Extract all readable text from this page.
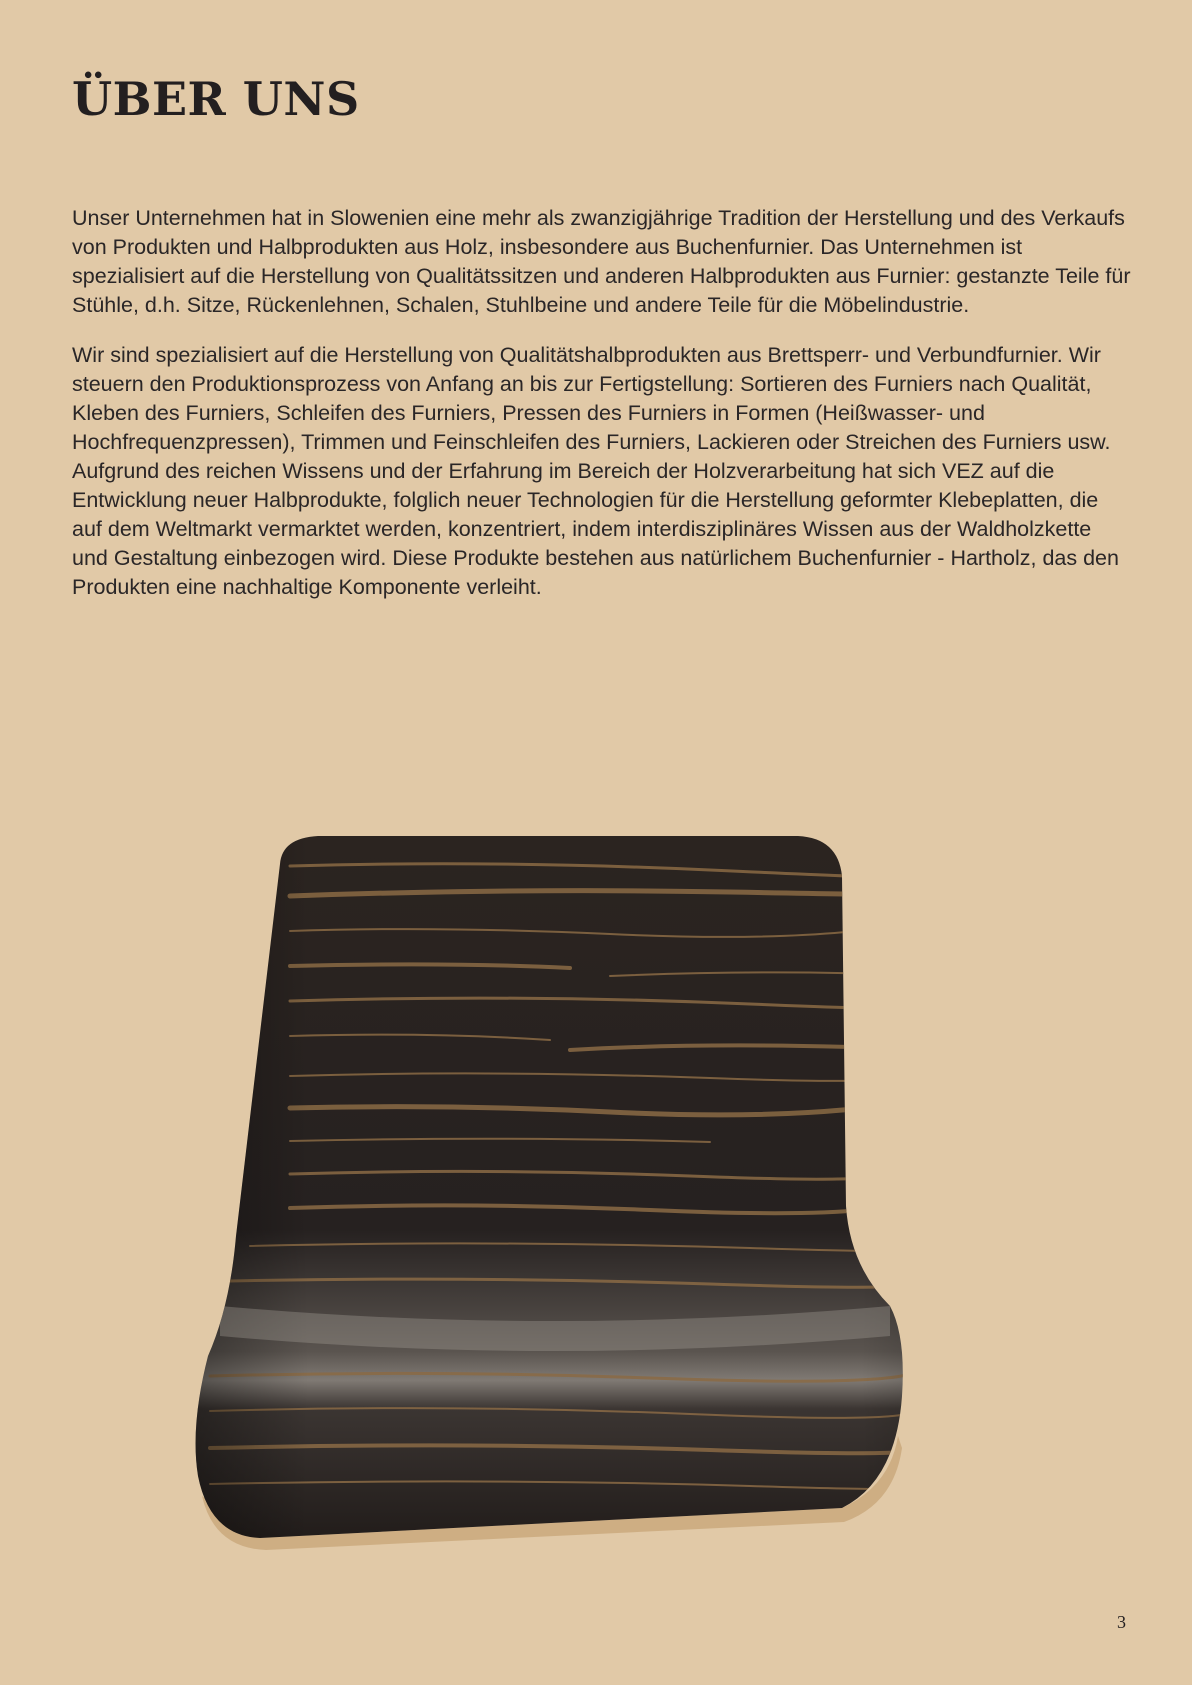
ÜBER UNS

Unser Unternehmen hat in Slowenien eine mehr als zwanzigjährige Tradition der Herstellung und des Verkaufs von Produkten und Halbprodukten aus Holz, insbesondere aus Buchenfurnier. Das Unternehmen ist spezialisiert auf die Herstellung von Qualitätssitzen und anderen Halbprodukten aus Furnier: gestanzte Teile für Stühle, d.h. Sitze, Rückenlehnen, Schalen, Stuhlbeine und andere Teile für die Möbelindustrie.

Wir sind spezialisiert auf die Herstellung von Qualitätshalbprodukten aus Brettsperr- und Verbundfurnier. Wir steuern den Produktionsprozess von Anfang an bis zur Fertigstellung: Sortieren des Furniers nach Qualität, Kleben des Furniers, Schleifen des Furniers, Pressen des Furniers in Formen (Heißwasser- und Hochfrequenzpressen), Trimmen und Feinschleifen des Furniers, Lackieren oder Streichen des Furniers usw. Aufgrund des reichen Wissens und der Erfahrung im Bereich der Holzverarbeitung hat sich VEZ auf die Entwicklung neuer Halbprodukte, folglich neuer Technologien für die Herstellung geformter Klebeplatten, die auf dem Weltmarkt vermarktet werden, konzentriert, indem interdisziplinäres Wissen aus der Waldholzkette und Gestaltung einbezogen wird. Diese Produkte bestehen aus natürlichem Buchenfurnier - Hartholz, das den Produkten eine nachhaltige Komponente verleiht.

3
